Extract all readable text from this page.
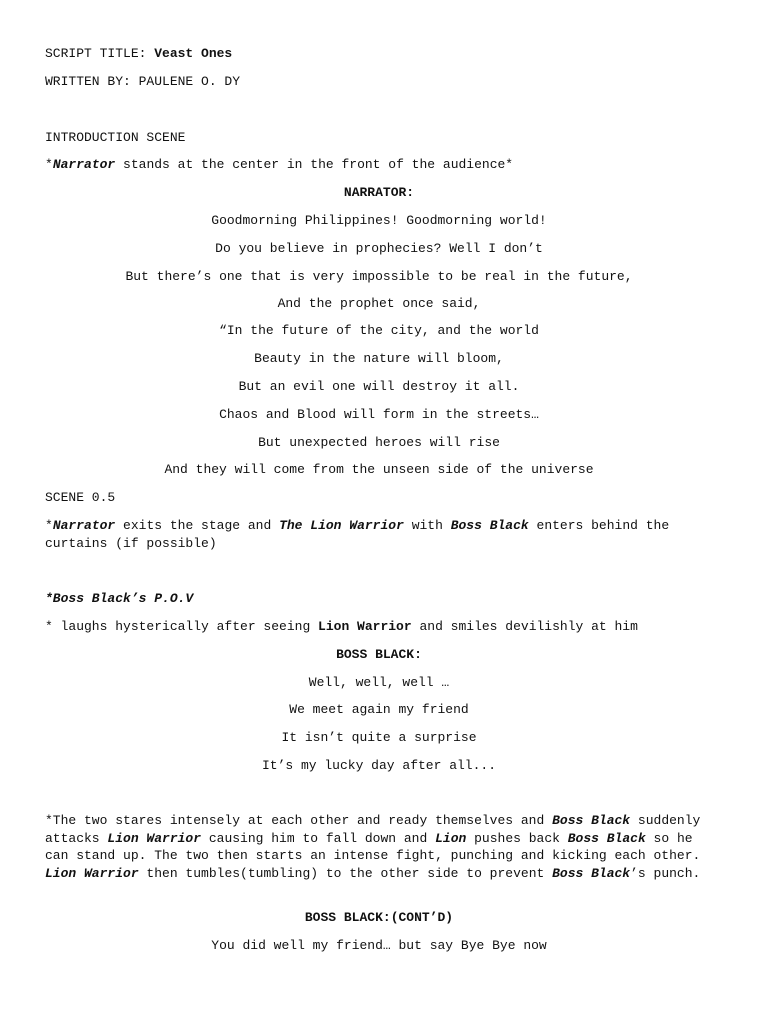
SCRIPT TITLE: Veast Ones
WRITTEN BY: PAULENE O. DY
INTRODUCTION SCENE
*Narrator stands at the center in the front of the audience*
NARRATOR:
Goodmorning Philippines! Goodmorning world!
Do you believe in prophecies? Well I don’t
But there’s one that is very impossible to be real in the future,
And the prophet once said,
“In the future of the city, and the world
Beauty in the nature will bloom,
But an evil one will destroy it all.
Chaos and Blood will form in the streets…
But unexpected heroes will rise
And they will come from the unseen side of the universe
SCENE 0.5
*Narrator exits the stage and The Lion Warrior with Boss Black enters behind the curtains (if possible)
*Boss Black’s P.O.V
* laughs hysterically after seeing Lion Warrior and smiles devilishly at him
BOSS BLACK:
Well, well, well …
We meet again my friend
It isn’t quite a surprise
It’s my lucky day after all...
*The two stares intensely at each other and ready themselves and Boss Black suddenly attacks Lion Warrior causing him to fall down and Lion pushes back Boss Black so he can stand up. The two then starts an intense fight, punching and kicking each other. Lion Warrior then tumbles(tumbling) to the other side to prevent Boss Black’s punch.
BOSS BLACK:(CONT’D)
You did well my friend… but say Bye Bye now
